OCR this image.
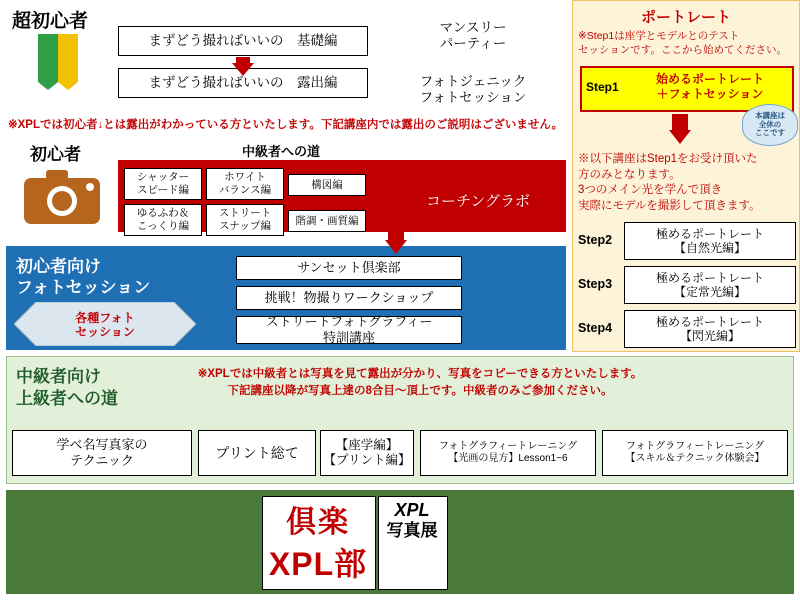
超初心者
まずどう撮ればいいの　基礎編
まずどう撮ればいいの　露出編
マンスリー
パーティー
フォトジェニック
フォトセッション
※XPLでは初心者↓とは露出がわかっている方といたします。下記講座内では露出のご説明はございません。
初心者	中級者への道
シャッター
スピード編
ホワイト
バランス編	構図編
ゆるふわ＆
こっくり編
ストリート
スナップ編	階調・画質編
コーチングラボ
初心者向け
フォトセッション
各種フォト
セッション
サンセット倶楽部
挑戦！物撮りワークショップ
ストリートフォトグラフィー
特訓講座
中級者向け
上級者への道
※XPLでは中級者とは写真を見て露出が分かり、写真をコピーできる方といたします。
下記講座以降が写真上達の8合目〜頂上です。中級者のみご参加ください。
学べ名写真家の
テクニック	プリント総て	【座学編】
【プリント編】
フォトグラフィートレーニング
【光画の見方】Lesson1~6
フォトグラフィートレーニング
【スキル＆テクニック体験会】
倶楽
XPL部
XPL
写真展
ポートレート
※Step1は座学とモデルとのテスト
セッションです。ここから始めてください。
Step1
始めるポートレート
＋フォトセッション
本講座は
全休の
ここです
※以下講座はStep1をお受け頂いた
方のみとなります。
3つのメイン光を学んで頂き
実際にモデルを撮影して頂きます。
Step2	極めるポートレート
【自然光編】
Step3	極めるポートレート
【定常光編】
Step4	極めるポートレート
【閃光編】
